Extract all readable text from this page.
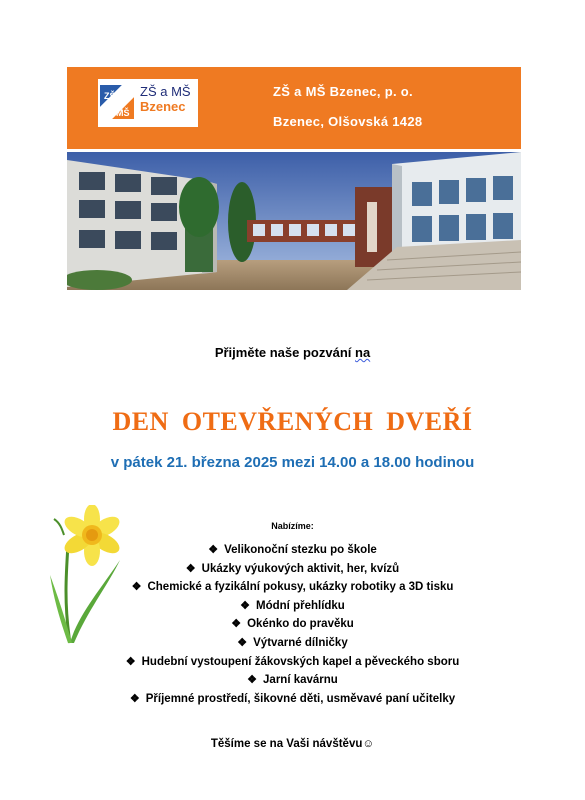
ZŠ
MŠ
ZŠ a MŠ
Bzenec
ZŠ a MŠ Bzenec, p. o.
Bzenec, Olšovská 1428
Přijměte naše pozvání na
DEN OTEVŘENÝCH DVEŘÍ
v pátek 21. března 2025 mezi 14.00 a 18.00 hodinou
Nabízíme:
❖ Velikonoční stezku po škole
❖ Ukázky výukových aktivit, her, kvízů
❖ Chemické a fyzikální pokusy, ukázky robotiky a 3D tisku
❖ Módní přehlídku
❖ Okénko do pravěku
❖ Výtvarné dílničky
❖ Hudební vystoupení žákovských kapel a pěveckého sboru
❖ Jarní kavárnu
❖ Příjemné prostředí, šikovné děti, usměvavé paní učitelky
Těšíme se na Vaši návštěvu☺
